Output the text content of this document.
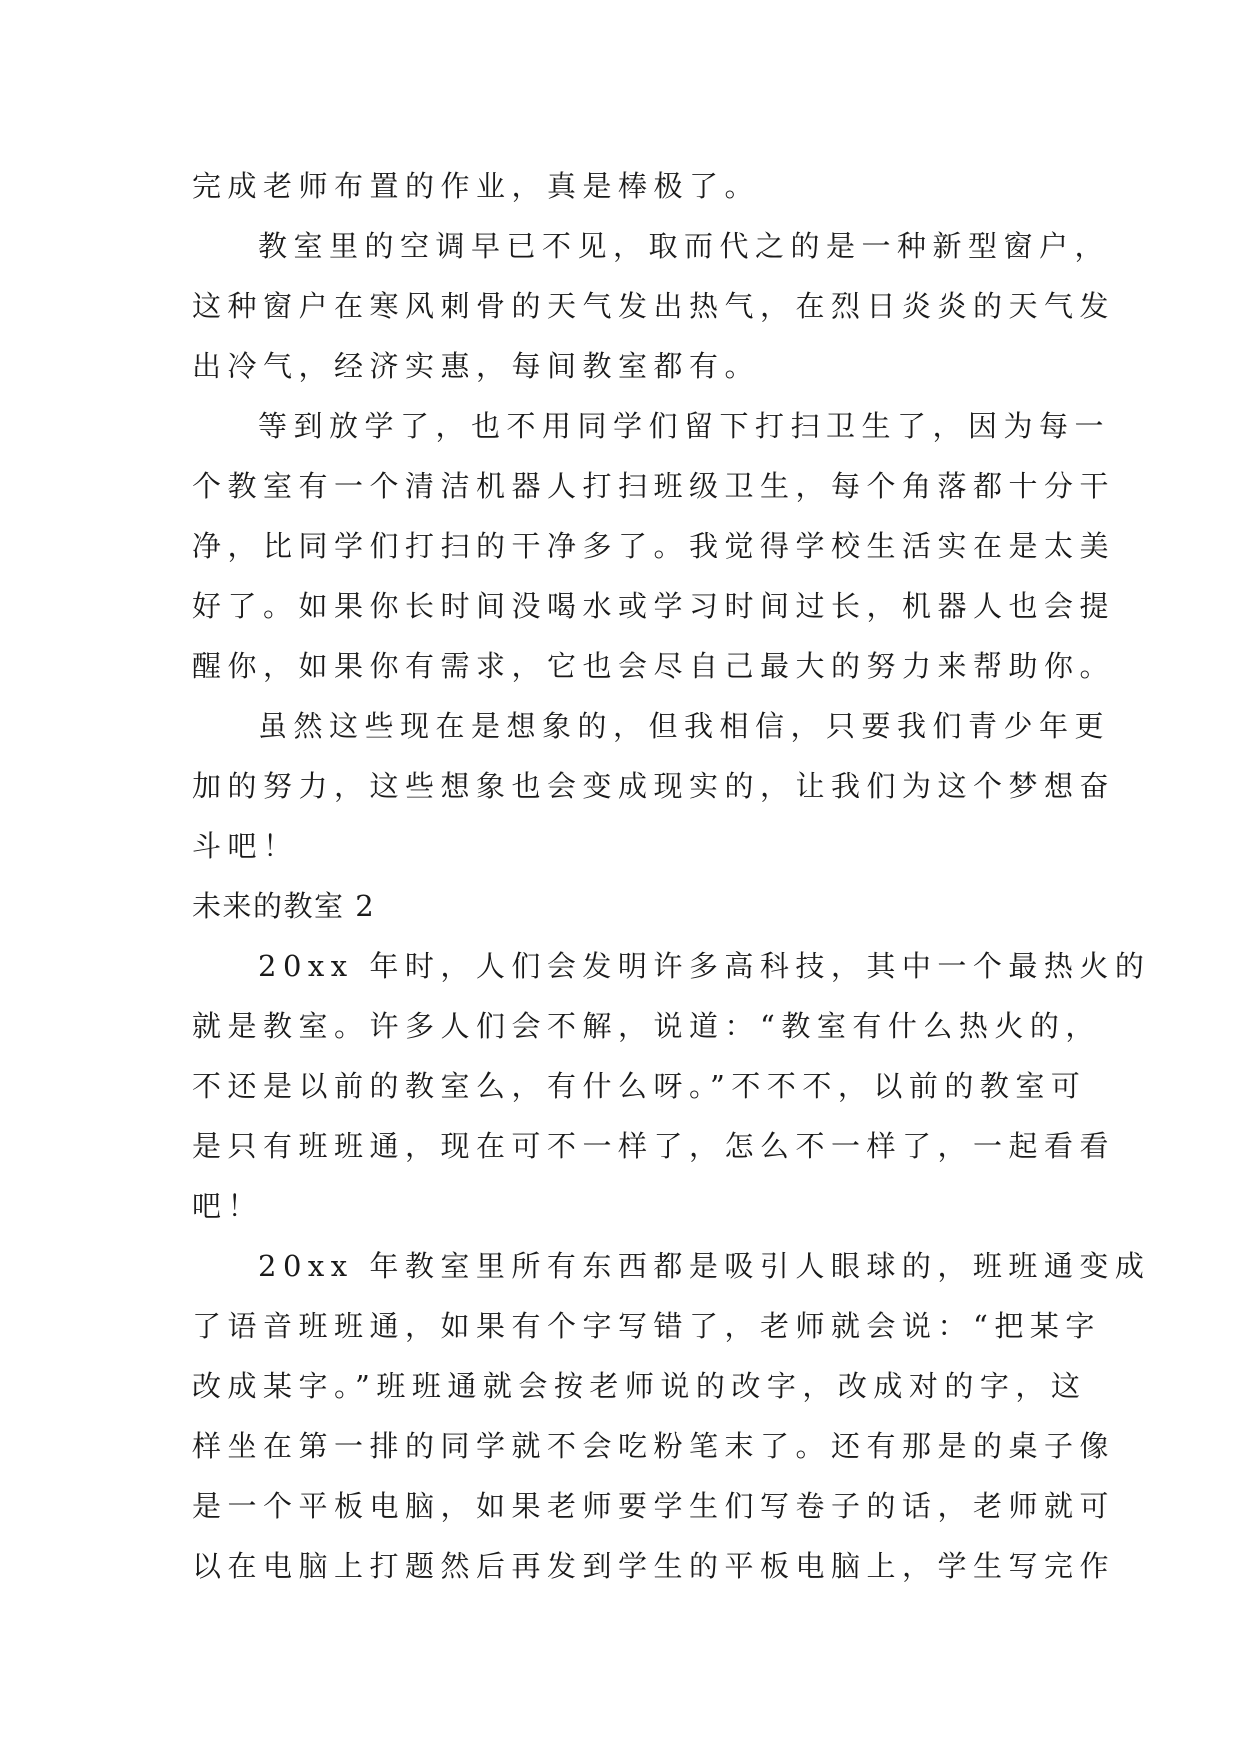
完成老师布置的作业，真是棒极了。
教室里的空调早已不见，取而代之的是一种新型窗户，
这种窗户在寒风刺骨的天气发出热气，在烈日炎炎的天气发
出冷气，经济实惠，每间教室都有。
等到放学了，也不用同学们留下打扫卫生了，因为每一
个教室有一个清洁机器人打扫班级卫生，每个角落都十分干
净，比同学们打扫的干净多了。我觉得学校生活实在是太美
好了。如果你长时间没喝水或学习时间过长，机器人也会提
醒你，如果你有需求，它也会尽自己最大的努力来帮助你。
虽然这些现在是想象的，但我相信，只要我们青少年更
加的努力，这些想象也会变成现实的，让我们为这个梦想奋
斗吧！
未来的教室 2
20xx 年时，人们会发明许多高科技，其中一个最热火的
就是教室。许多人们会不解，说道：“教室有什么热火的，
不还是以前的教室么，有什么呀。”不不不，以前的教室可
是只有班班通，现在可不一样了，怎么不一样了，一起看看
吧！
20xx 年教室里所有东西都是吸引人眼球的，班班通变成
了语音班班通，如果有个字写错了，老师就会说：“把某字
改成某字。”班班通就会按老师说的改字，改成对的字，这
样坐在第一排的同学就不会吃粉笔末了。还有那是的桌子像
是一个平板电脑，如果老师要学生们写卷子的话，老师就可
以在电脑上打题然后再发到学生的平板电脑上，学生写完作
